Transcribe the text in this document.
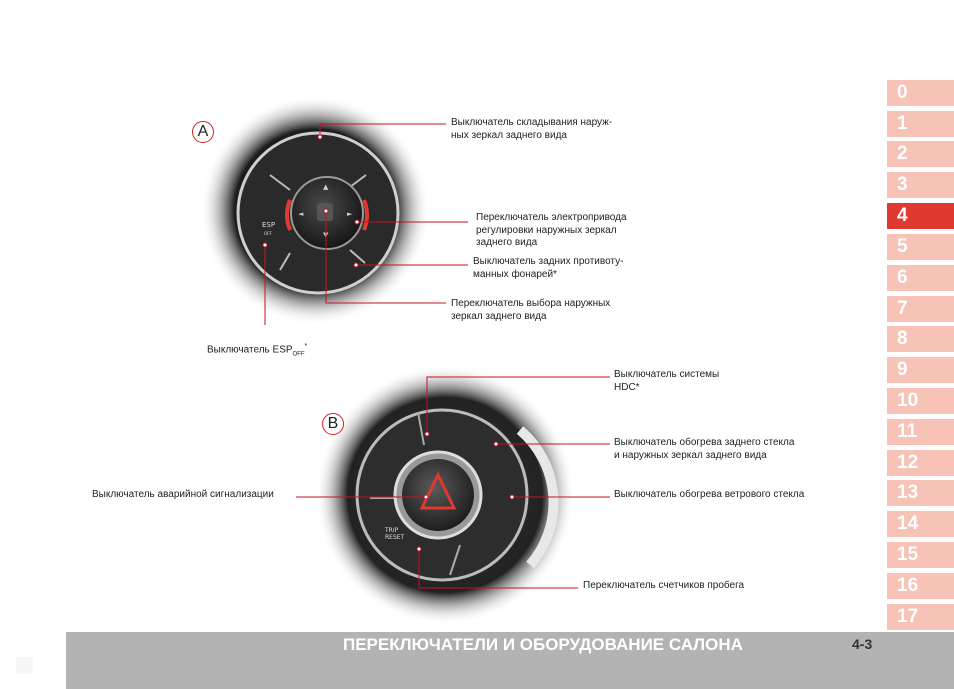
0
1
2
3
4
5
6
7
8
9
10
11
12
13
14
15
16
17
▲
▼
◄	►
ESP
OFF
A
Выключатель складывания наруж-
ных зеркал заднего вида
Переключатель электропривода
регулировки наружных зеркал
заднего вида
Выключатель задних противоту-
манных фонарей*
Переключатель выбора наружных
зеркал заднего вида

Выключатель $ESP_{OFF}^*$

TRIP RESET
B
Выключатель системы
HDC*
Выключатель обогрева заднего стекла
и наружных зеркал заднего вида
Выключатель аварийной сигнализации	Выключатель обогрева ветрового стекла
Переключатель счетчиков пробега
ПЕРЕКЛЮЧАТЕЛИ И ОБОРУДОВАНИЕ САЛОНА	4-3
